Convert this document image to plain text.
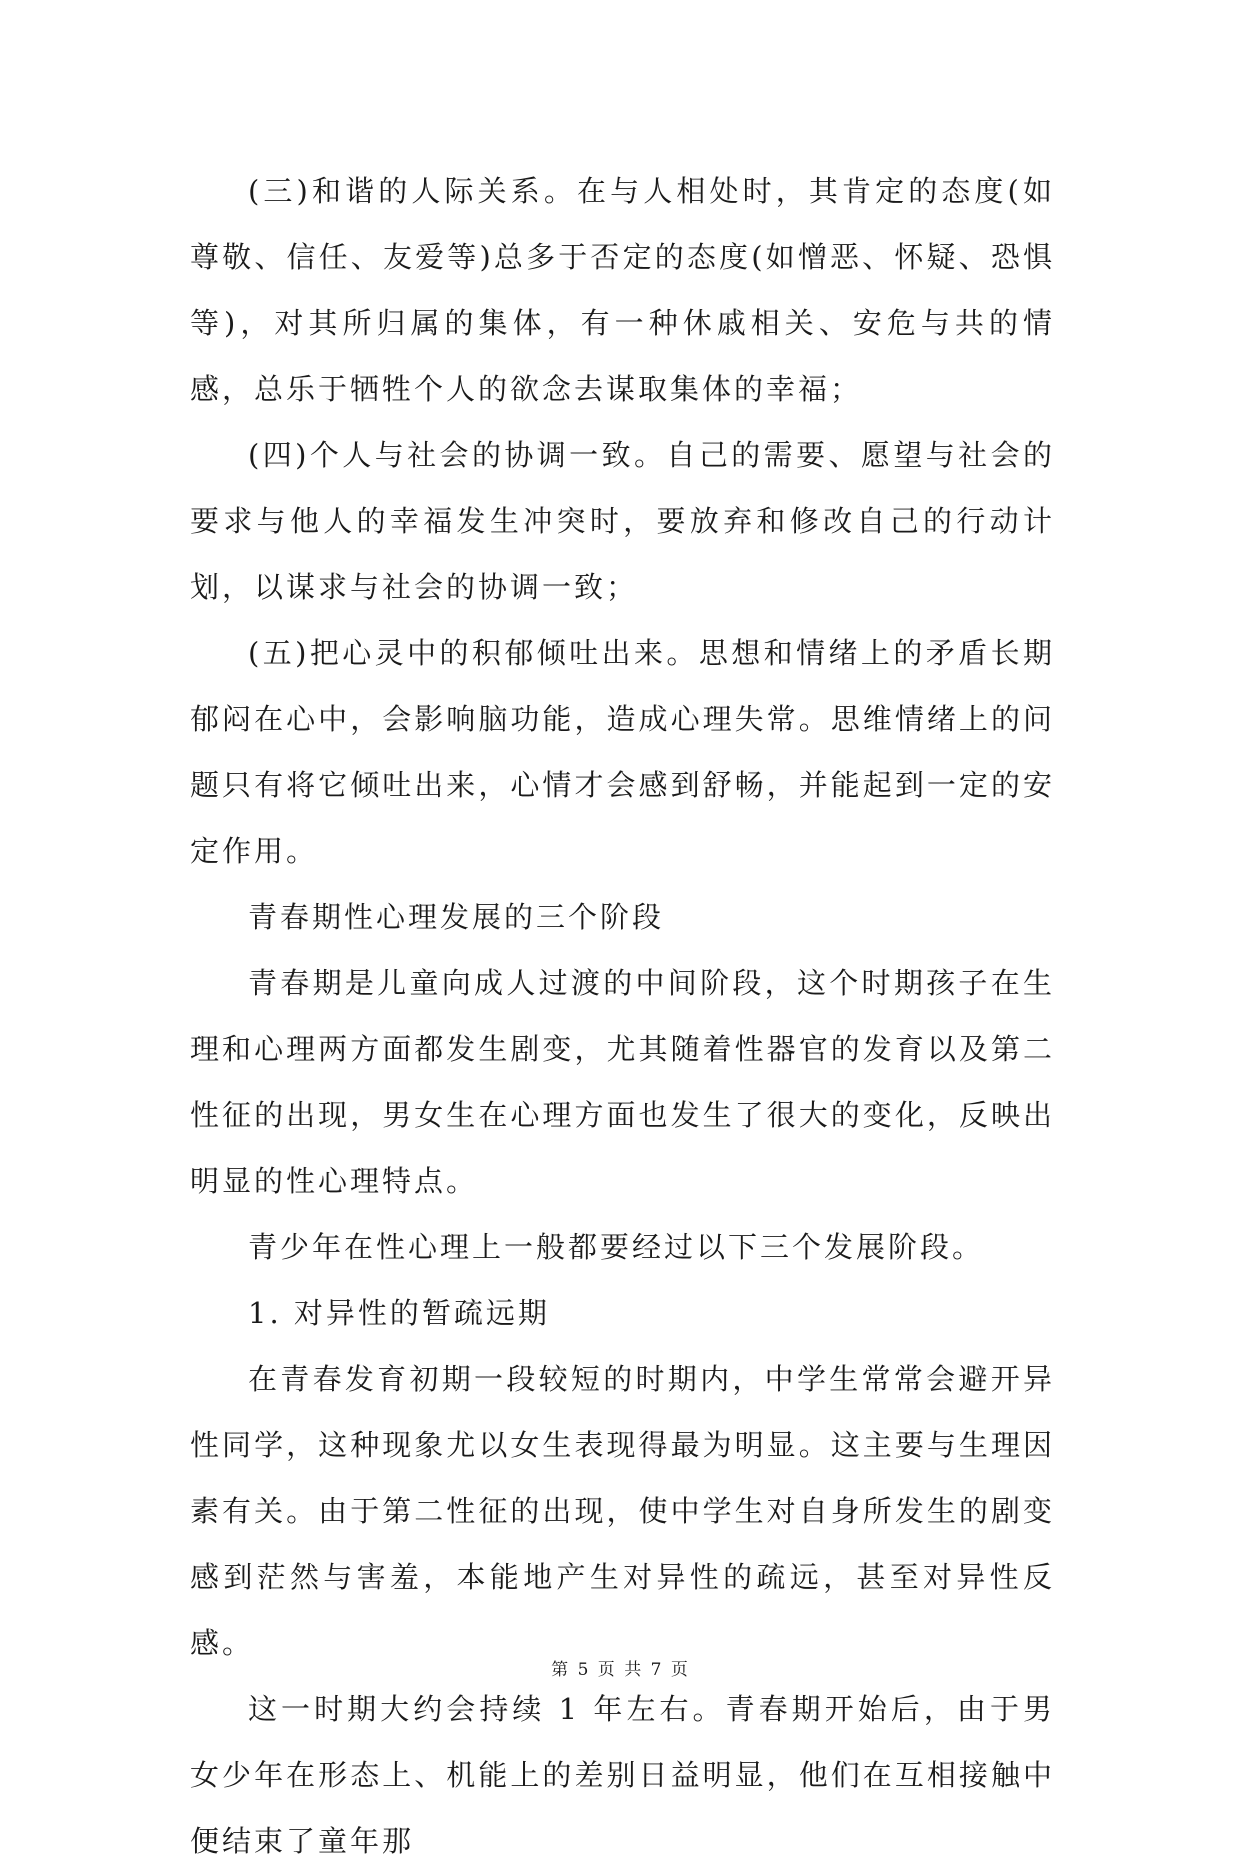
(三)和谐的人际关系。在与人相处时，其肯定的态度(如尊敬、信任、友爱等)总多于否定的态度(如憎恶、怀疑、恐惧等)，对其所归属的集体，有一种休戚相关、安危与共的情感，总乐于牺牲个人的欲念去谋取集体的幸福；

(四)个人与社会的协调一致。自己的需要、愿望与社会的要求与他人的幸福发生冲突时，要放弃和修改自己的行动计划，以谋求与社会的协调一致；

(五)把心灵中的积郁倾吐出来。思想和情绪上的矛盾长期郁闷在心中，会影响脑功能，造成心理失常。思维情绪上的问题只有将它倾吐出来，心情才会感到舒畅，并能起到一定的安定作用。

青春期性心理发展的三个阶段

青春期是儿童向成人过渡的中间阶段，这个时期孩子在生理和心理两方面都发生剧变，尤其随着性器官的发育以及第二性征的出现，男女生在心理方面也发生了很大的变化，反映出明显的性心理特点。

青少年在性心理上一般都要经过以下三个发展阶段。

1. 对异性的暂疏远期

在青春发育初期一段较短的时期内，中学生常常会避开异性同学，这种现象尤以女生表现得最为明显。这主要与生理因素有关。由于第二性征的出现，使中学生对自身所发生的剧变感到茫然与害羞，本能地产生对异性的疏远，甚至对异性反感。

这一时期大约会持续 1 年左右。青春期开始后，由于男女少年在形态上、机能上的差别日益明显，他们在互相接触中便结束了童年那

第 5 页 共 7 页
